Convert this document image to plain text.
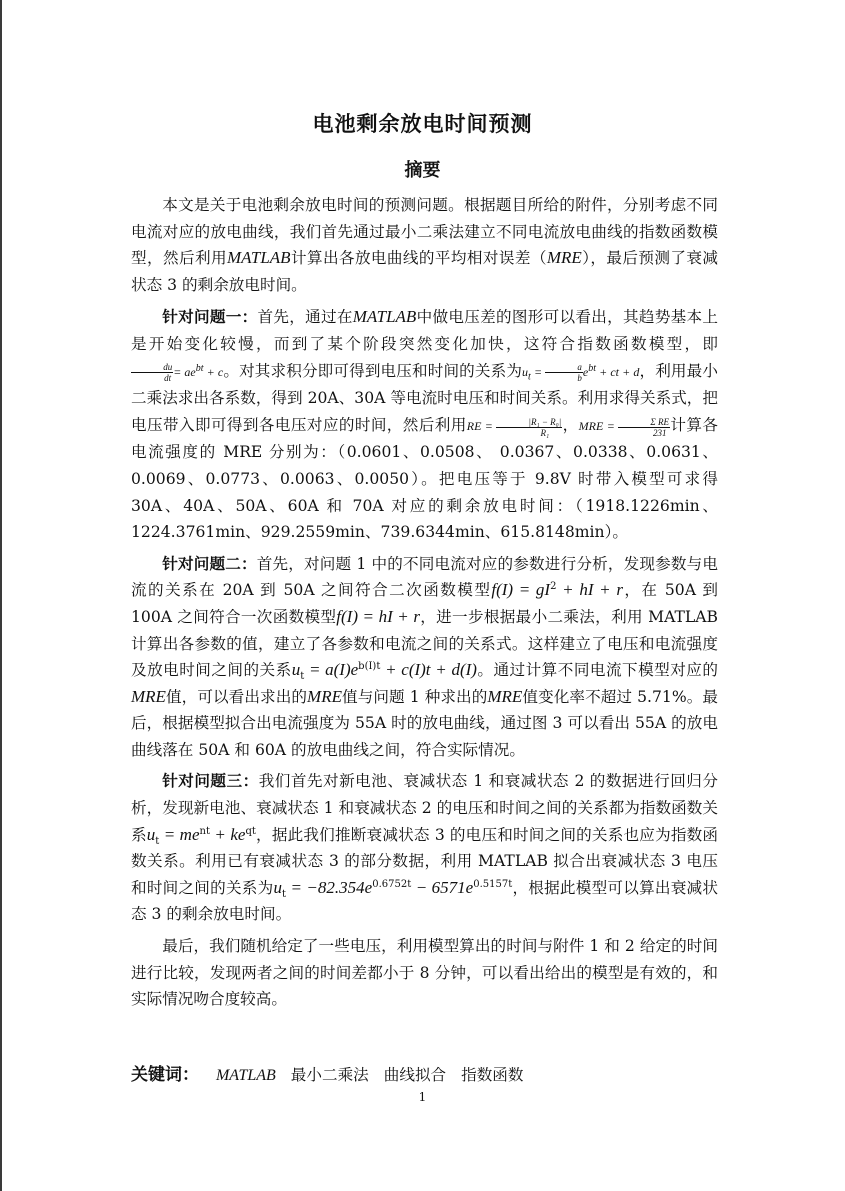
电池剩余放电时间预测
摘要

本文是关于电池剩余放电时间的预测问题。根据题目所给的附件，分别考虑不同电流对应的放电曲线，我们首先通过最小二乘法建立不同电流放电曲线的指数函数模型，然后利用MATLAB计算出各放电曲线的平均相对误差（MRE），最后预测了衰减状态 3 的剩余放电时间。

针对问题一：首先，通过在MATLAB中做电压差的图形可以看出，其趋势基本上是开始变化较慢，而到了某个阶段突然变化加快，这符合指数函数模型，即
$\frac{du}{dt} = ae^{bt} + c$。对其求积分即可得到电压和时间的关系为$u_t = \frac{a}{b} e^{bt}$ + ct + d，利用最小二乘法求出各系数，得到 20A、30A 等电流时电压和时间关系。利用求得关系式，把电压带入即可得到各电压对应的时间，然后利用RE = $\frac{\text{|R₁ − R₀|}}{\text{R₁}}$ ，MRE = $\frac{\text{Σ RE}}{231}$ 计算各电流强度的 MRE 分别为：（0.0601、0.0508、 0.0367、0.0338、0.0631、0.0069、0.0773、0.0063、0.0050）。把电压等于 9.8V 时带入模型可求得 30A、40A、50A、60A 和 70A 对应的剩余放电时间：（1918.1226min、1224.3761min、929.2559min、739.6344min、615.8148min）。

针对问题二：首先，对问题 1 中的不同电流对应的参数进行分析，发现参数与电流的关系在 20A 到 50A 之间符合二次函数模型$f(I) = gI^2$ + hI + r，在 50A 到 100A 之间符合一次函数模型f(I) = hI + r，进一步根据最小二乘法，利用 MATLAB 计算出各参数的值，建立了各参数和电流之间的关系式。这样建立了电压和电流强度及放电时间之间的关系$u_t = a(I)e^{b(I)t} + c(I)t + d(I)$。通过计算不同电流下模型对应的MRE值，可以看出求出的MRE值与问题 1 种求出的MRE值变化率不超过 5.71%。最后，根据模型拟合出电流强度为 55A 时的放电曲线，通过图 3 可以看出 55A 的放电曲线落在 50A 和 60A 的放电曲线之间，符合实际情况。

针对问题三：我们首先对新电池、衰减状态 1 和衰减状态 2 的数据进行回归分析，发现新电池、衰减状态 1 和衰减状态 2 的电压和时间之间的关系都为指数函数关系$u_t = me^{nt} + ke^{qt}$，据此我们推断衰减状态 3 的电压和时间之间的关系也应为指数函数关系。利用已有衰减状态 3 的部分数据，利用 MATLAB 拟合出衰减状态 3 电压和时间之间的关系为$u_t = -82.354e^{0.6752t} - 6571e^{0.5157t}$，根据此模型可以算出衰减状态 3 的剩余放电时间。

最后，我们随机给定了一些电压，利用模型算出的时间与附件 1 和 2 给定的时间进行比较，发现两者之间的时间差都小于 8 分钟，可以看出给出的模型是有效的，和实际情况吻合度较高。

关键词： MATLAB 最小二乘法 曲线拟合 指数函数
1
